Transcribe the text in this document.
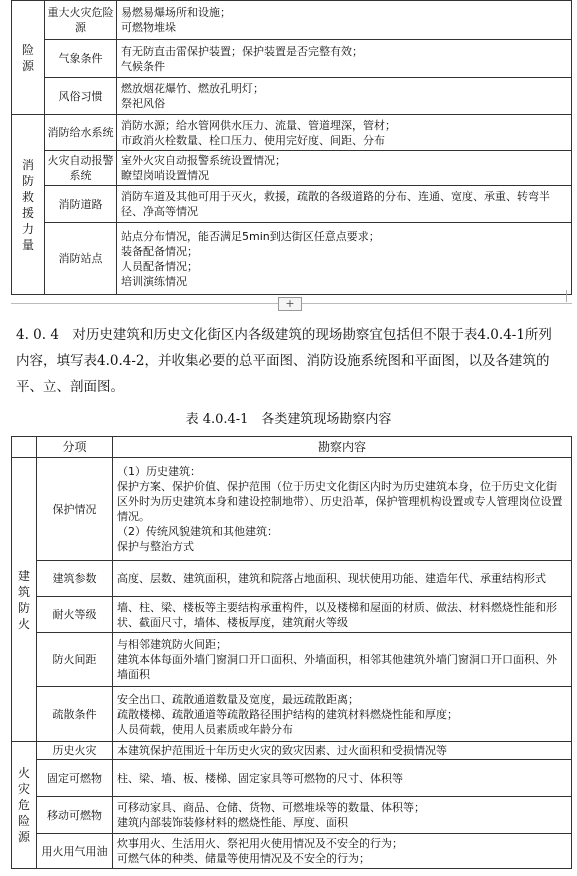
险源	重大火灾危险源	易燃易爆场所和设施；
可燃物堆垛

	气象条件	有无防直击雷保护装置；保护装置是否完整有效；
气候条件

	风俗习惯	燃放烟花爆竹、燃放孔明灯；
祭祀风俗

消防救援力量	消防给水系统	消防水源；给水管网供水压力、流量、管道埋深，管材；
市政消火栓数量、栓口压力、使用完好度、间距、分布

	火灾自动报警系统	室外火灾自动报警系统设置情况；
瞭望岗哨设置情况

	消防道路	消防车道及其他可用于灭火，救援，疏散的各级道路的分布、连通、宽度、承重、转弯半径、净高等情况
	消防站点	站点分布情况，能否满足5min到达街区任意点要求；
装备配备情况；
人员配备情况；
培训演练情况
+
4. 0. 4　对历史建筑和历史文化街区内各级建筑的现场勘察宜包括但不限于表4.0.4-1所列内容，填写表4.0.4-2，并收集必要的总平面图、消防设施系统图和平面图，以及各建筑的平、立、剖面图。
表 4.0.4-1　各类建筑现场勘察内容
	分项	勘察内容
建筑防火	保护情况	（1）历史建筑：
保护方案、保护价值、保护范围（位于历史文化街区内时为历史建筑本身，位于历史文化街区外时为历史建筑本身和建设控制地带）、历史沿革，保护管理机构设置或专人管理岗位设置情况。
（2）传统风貌建筑和其他建筑：
保护与整治方式

	建筑参数	高度、层数、建筑面积，建筑和院落占地面积、现状使用功能、建造年代、承重结构形式
	耐火等级	墙、柱、梁、楼板等主要结构承重构件，以及楼梯和屋面的材质、做法、材料燃烧性能和形状、截面尺寸，墙体、楼板厚度，建筑耐火等级
	防火间距	与相邻建筑防火间距；
建筑本体每面外墙门窗洞口开口面积、外墙面积，相邻其他建筑外墙门窗洞口开口面积、外墙面积

	疏散条件	安全出口、疏散通道数量及宽度，最远疏散距离；
疏散楼梯、疏散通道等疏散路径围护结构的建筑材料燃烧性能和厚度；
人员荷载，使用人员素质或年龄分布

火灾危险源	历史火灾	本建筑保护范围近十年历史火灾的致灾因素、过火面积和受损情况等
	固定可燃物	柱、梁、墙、板、楼梯、固定家具等可燃物的尺寸、体积等
	移动可燃物	可移动家具、商品、仓储、货物、可燃堆垛等的数量、体积等；
建筑内部装饰装修材料的燃烧性能、厚度、面积

	用火用气用油	炊事用火、生活用火、祭祀用火使用情况及不安全的行为；
可燃气体的种类、储量等使用情况及不安全的行为；
